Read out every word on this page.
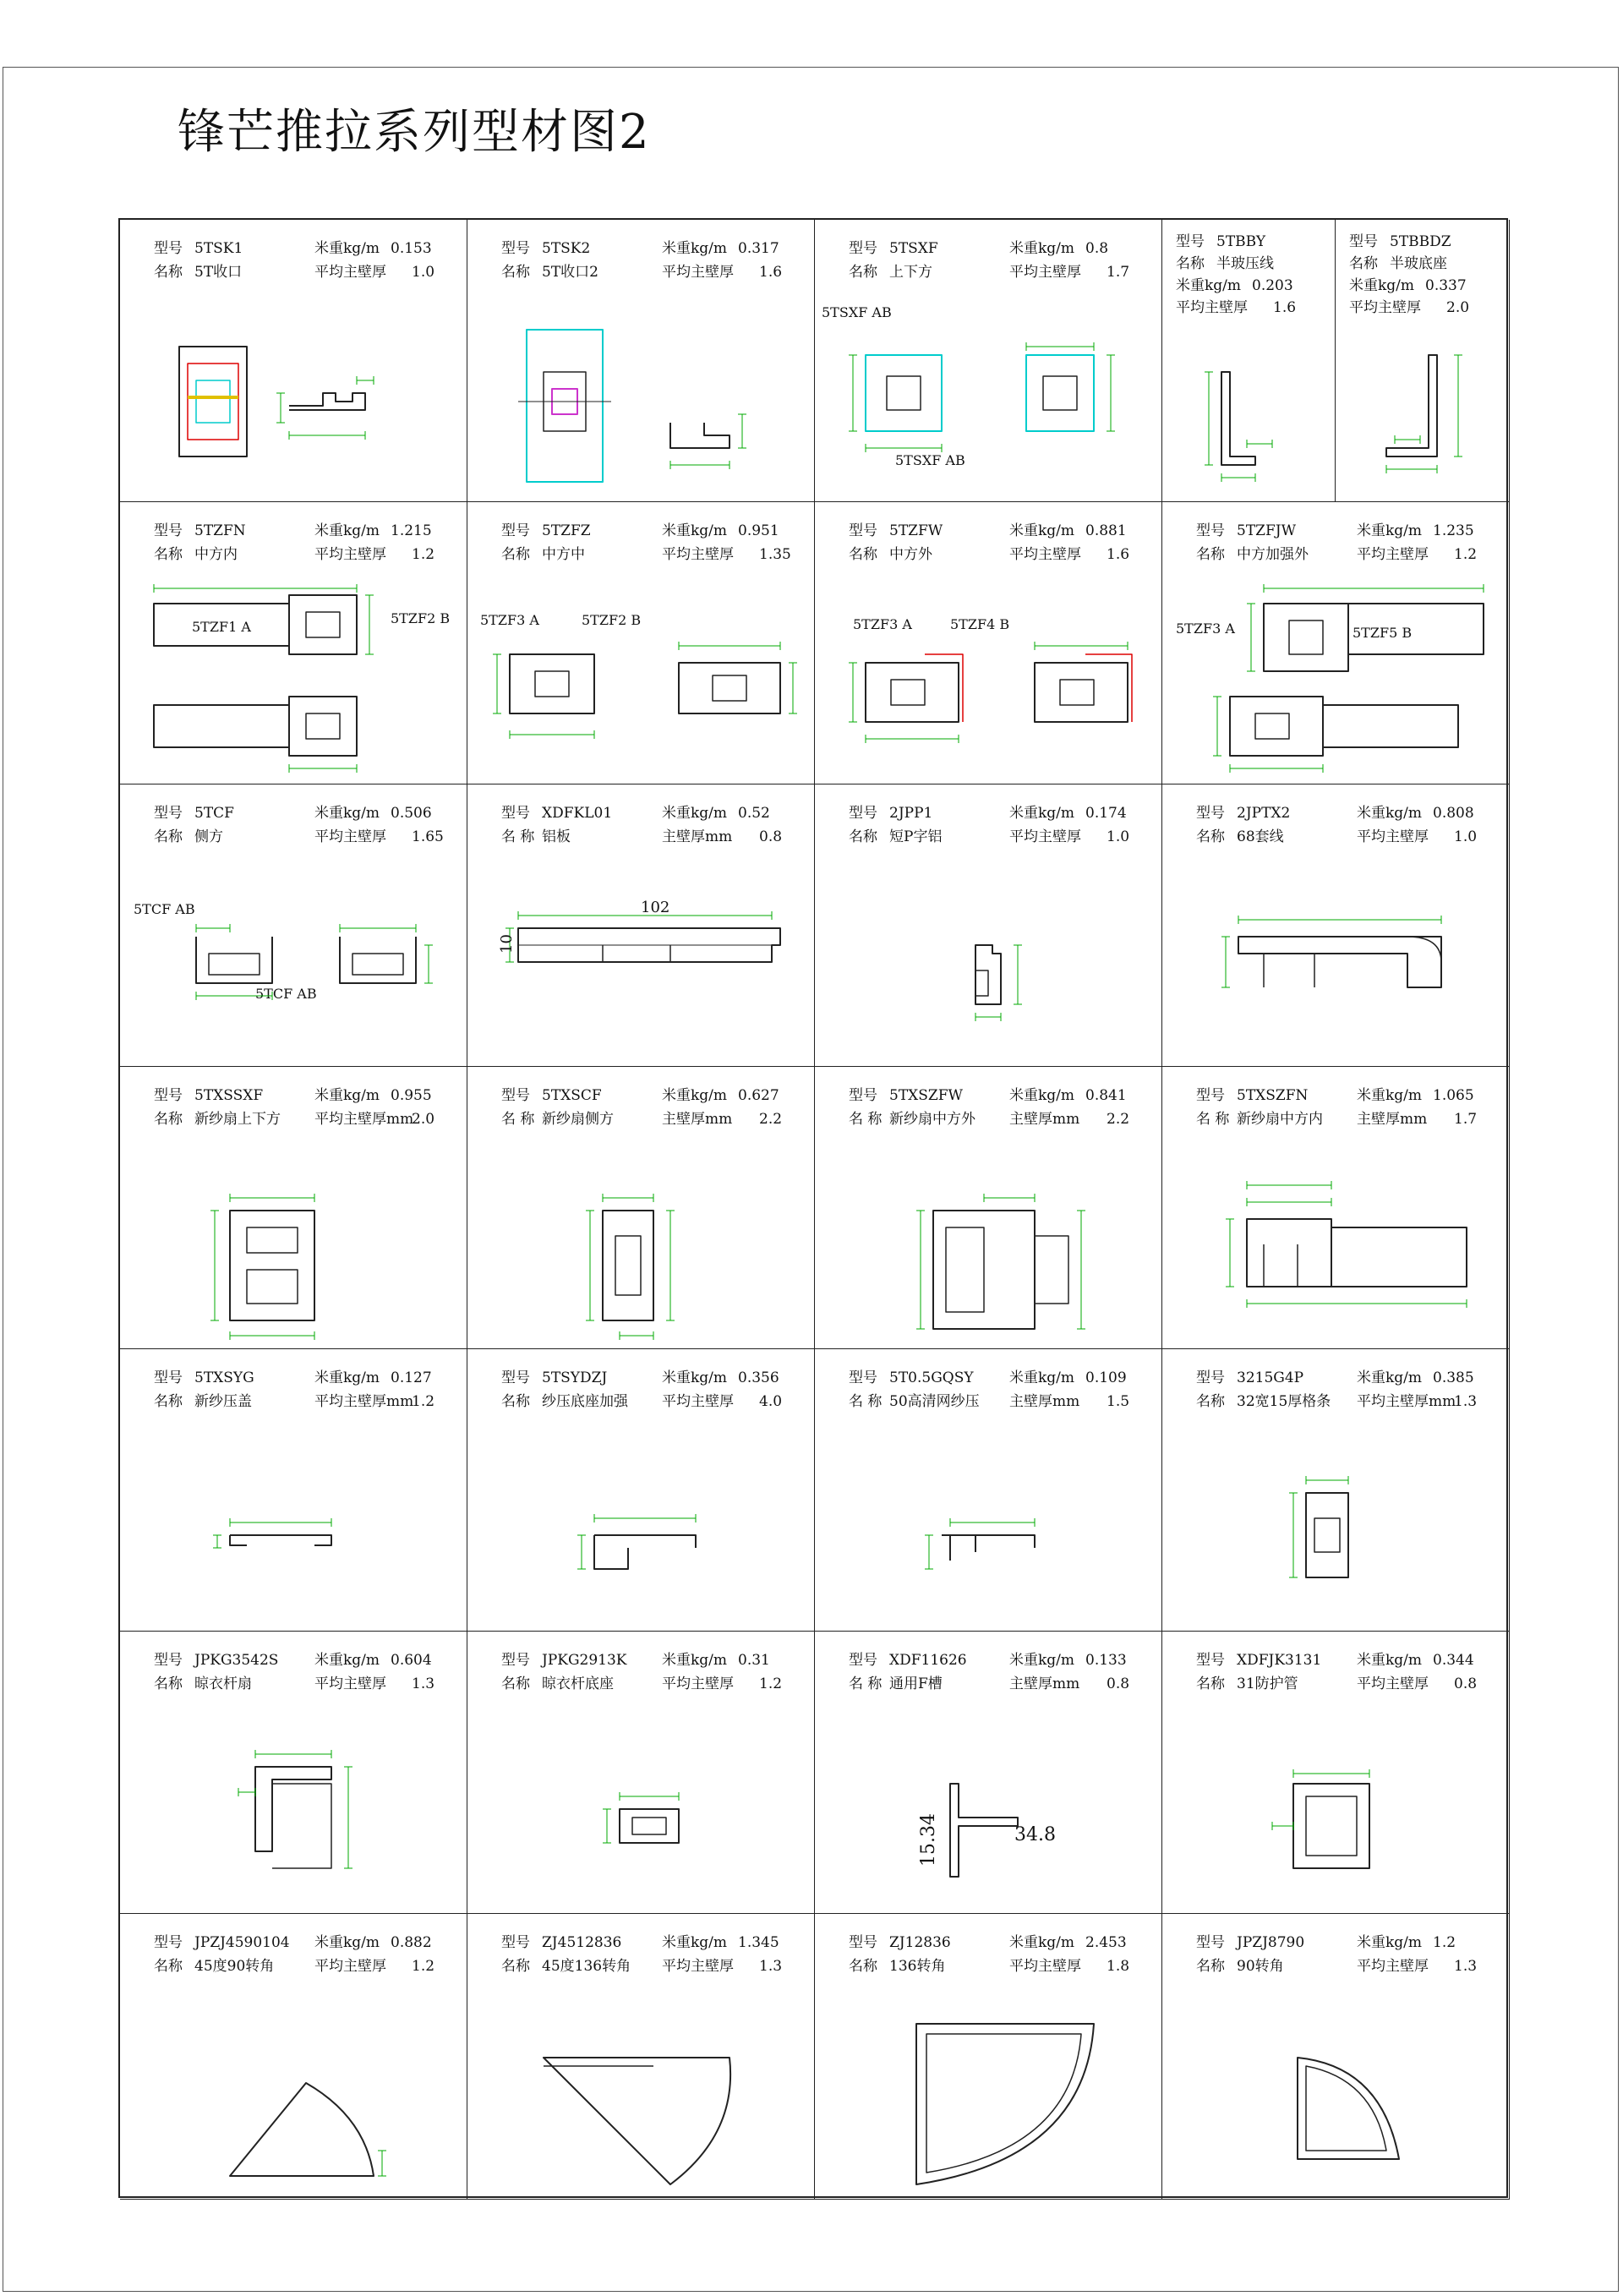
锋芒推拉系列型材图2
型号 5TSK1
名称 5T收口
米重kg/m 0.153
平均主壁厚 1.0
型号 5TSK2
名称 5T收口2
米重kg/m 0.317
平均主壁厚 1.6
型号 5TSXF
名称 上下方
米重kg/m 0.8
平均主壁厚 1.7
5TSXF AB
5TSXF AB
型号 5TBBY
名称 半玻压线
米重kg/m 0.203
平均主壁厚 1.6
型号 5TBBDZ
名称 半玻底座
米重kg/m 0.337
平均主壁厚 2.0
型号 5TZFN
名称 中方内
米重kg/m 1.215
平均主壁厚 1.2
5TZF1 A
5TZF2 B
型号 5TZFZ
名称 中方中
米重kg/m 0.951
平均主壁厚 1.35
5TZF3 A	5TZF2 B
型号 5TZFW
名称 中方外
米重kg/m 0.881
平均主壁厚 1.6
5TZF3 A	5TZF4 B
型号 5TZFJW
名称 中方加强外
米重kg/m 1.235
平均主壁厚 1.2
5TZF3 A	5TZF5 B
型号 5TCF
名称 侧方
米重kg/m 0.506
平均主壁厚 1.65
5TCF AB
5TCF AB
型号 XDFKL01
名 称 铝板
米重kg/m 0.52
主壁厚mm 0.8
102
10
型号 2JPP1
名称 短P字铝
米重kg/m 0.174
平均主壁厚 1.0
型号 2JPTX2
名称 68套线
米重kg/m 0.808
平均主壁厚 1.0
型号 5TXSSXF
名称 新纱扇上下方
米重kg/m 0.955
平均主壁厚mm
2.0
型号 5TXSCF
名 称 新纱扇侧方
米重kg/m 0.627
主壁厚mm 2.2
型号 5TXSZFW
名 称 新纱扇中方外
米重kg/m 0.841
主壁厚mm 2.2
型号 5TXSZFN
名 称 新纱扇中方内
米重kg/m 1.065
主壁厚mm 1.7
型号 5TXSYG
名称 新纱压盖
米重kg/m 0.127
平均主壁厚mm
1.2
型号 5TSYDZJ
名称 纱压底座加强
米重kg/m 0.356
平均主壁厚 4.0
型号 5T0.5GQSY
名 称 50高清网纱压
米重kg/m 0.109
主壁厚mm 1.5
型号 3215G4P
名称 32宽15厚格条
米重kg/m 0.385
平均主壁厚mm
1.3
型号 JPKG3542S
名称 晾衣杆扇
米重kg/m 0.604
平均主壁厚 1.3
型号 JPKG2913K
名称 晾衣杆底座
米重kg/m 0.31
平均主壁厚 1.2
型号 XDF11626
名 称 通用F槽
米重kg/m 0.133
主壁厚mm 0.8
34.8
15.34
型号 XDFJK3131
名称 31防护管
米重kg/m 0.344
平均主壁厚 0.8
型号 JPZJ4590104
名称 45度90转角
米重kg/m 0.882
平均主壁厚 1.2
型号 ZJ4512836
名称 45度136转角
米重kg/m 1.345
平均主壁厚 1.3
型号 ZJ12836
名称 136转角
米重kg/m 2.453
平均主壁厚 1.8
型号 JPZJ8790
名称 90转角
米重kg/m 1.2
平均主壁厚 1.3
